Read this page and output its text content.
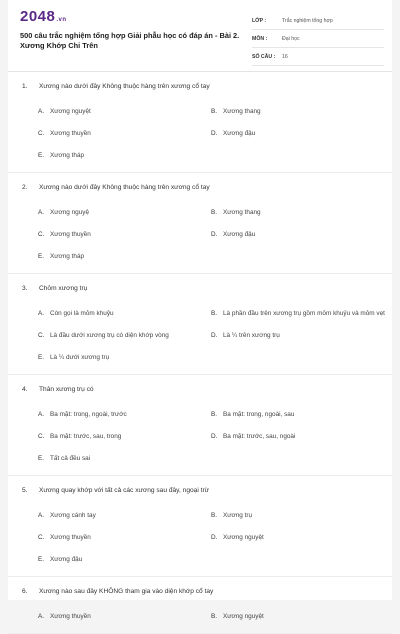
2048.vn
500 câu trắc nghiệm tổng hợp Giải phẫu học có đáp án - Bài 2. Xương Khớp Chi Trên
LỚP :	Trắc nghiệm tổng hợp
MÔN :	Đại học
SỐ CÂU :	16
1.	Xương nào dưới đây Không thuộc hàng trên xương cổ tay
A. Xương nguyệt	B. Xương thang
C. Xương thuyền	D. Xương đậu
E. Xương tháp
2.	Xương nào dưới đây Không thuộc hàng trên xương cổ tay
A. Xương nguyệ	B. Xương thang
C. Xương thuyền	D. Xương đậu
E. Xương tháp
3.	Chỏm xương trụ
A. Còn gọi là mỏm khuỷu	B. Là phần đầu trên xương trụ gồm mỏm khuỷu và mỏm vẹt
C. Là đầu dưới xương trụ có diện khớp vòng	D. Là ¼ trên xương trụ
E. Là ¼ dưới xương trụ
4.	Thân xương trụ có
A. Ba mặt: trong, ngoài, trước	B. Ba mặt: trong, ngoài, sau
C. Ba mặt: trước, sau, trong	D. Ba mặt: trước, sau, ngoài
E. Tất cả đều sai
5.	Xương quay khớp với tất cả các xương sau đây, ngoại trừ
A. Xương cánh tay	B. Xương trụ
C. Xương thuyền	D. Xương nguyệt
E. Xương đậu
6.	Xương nào sau đây KHÔNG tham gia vào diện khớp cổ tay
A. Xương thuyền	B. Xương nguyệt
